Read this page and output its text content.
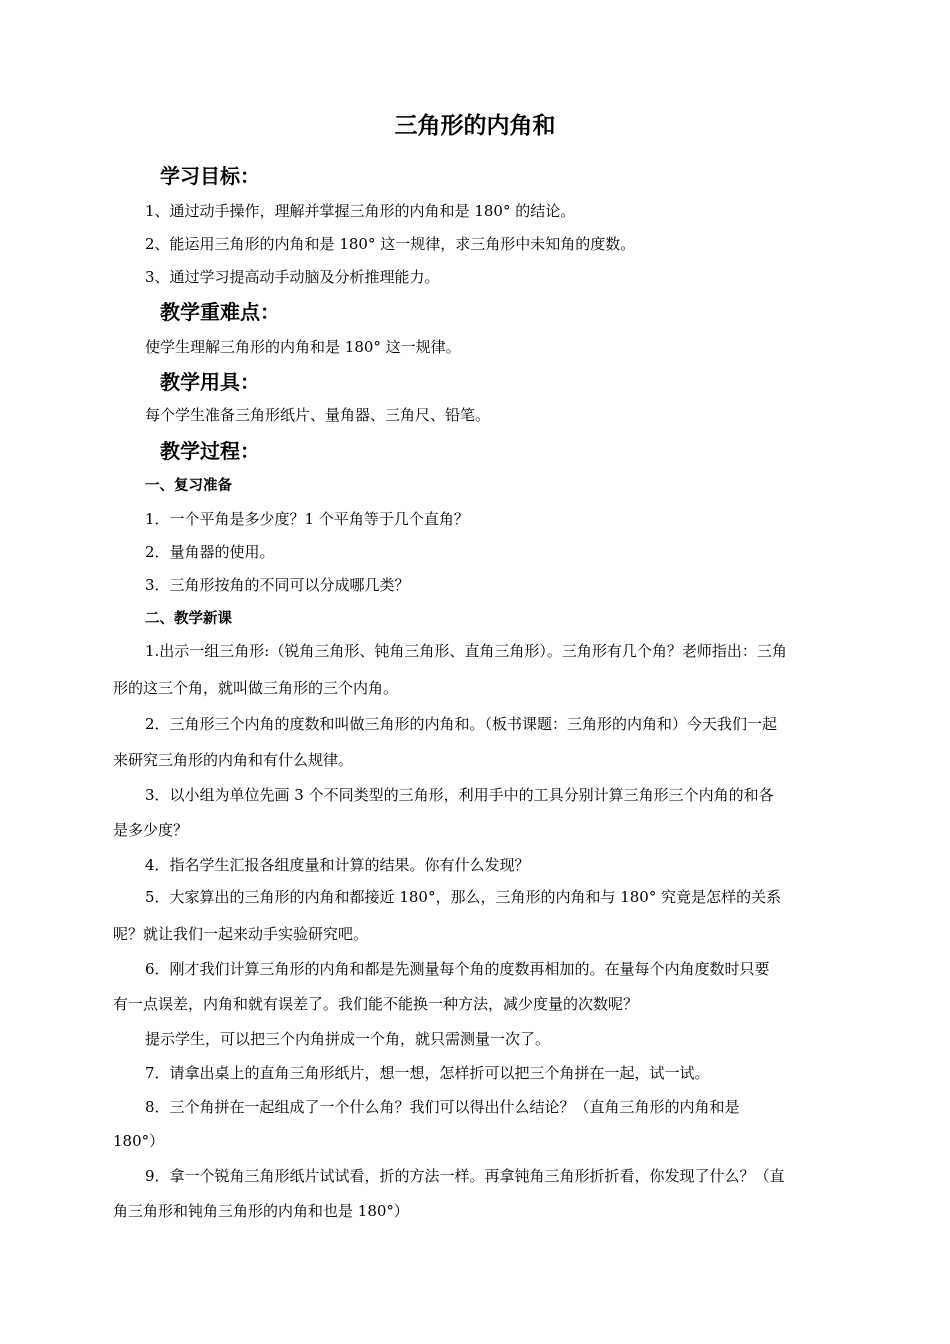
三角形的内角和
学习目标：
1、通过动手操作，理解并掌握三角形的内角和是 180° 的结论。
2、能运用三角形的内角和是 180° 这一规律，求三角形中未知角的度数。
3、通过学习提高动手动脑及分析推理能力。
教学重难点：
使学生理解三角形的内角和是 180° 这一规律。
教学用具：
每个学生准备三角形纸片、量角器、三角尺、铅笔。
教学过程：
一、复习准备
1．一个平角是多少度？1 个平角等于几个直角？
2．量角器的使用。
3．三角形按角的不同可以分成哪几类？
二、教学新课
1.出示一组三角形:（锐角三角形、钝角三角形、直角三角形）。三角形有几个角？老师指出：三角
形的这三个角，就叫做三角形的三个内角。
2．三角形三个内角的度数和叫做三角形的内角和。（板书课题：三角形的内角和）今天我们一起
来研究三角形的内角和有什么规律。
3．以小组为单位先画 3 个不同类型的三角形，利用手中的工具分别计算三角形三个内角的和各
是多少度？
4．指名学生汇报各组度量和计算的结果。你有什么发现？
5．大家算出的三角形的内角和都接近 180°，那么，三角形的内角和与 180° 究竟是怎样的关系
呢？就让我们一起来动手实验研究吧。
6．刚才我们计算三角形的内角和都是先测量每个角的度数再相加的。在量每个内角度数时只要
有一点误差，内角和就有误差了。我们能不能换一种方法，减少度量的次数呢？
提示学生，可以把三个内角拼成一个角，就只需测量一次了。
7．请拿出桌上的直角三角形纸片，想一想，怎样折可以把三个角拼在一起，试一试。
8．三个角拼在一起组成了一个什么角？我们可以得出什么结论？（直角三角形的内角和是
180°）
9．拿一个锐角三角形纸片试试看，折的方法一样。再拿钝角三角形折折看，你发现了什么？（直
角三角形和钝角三角形的内角和也是 180°）
